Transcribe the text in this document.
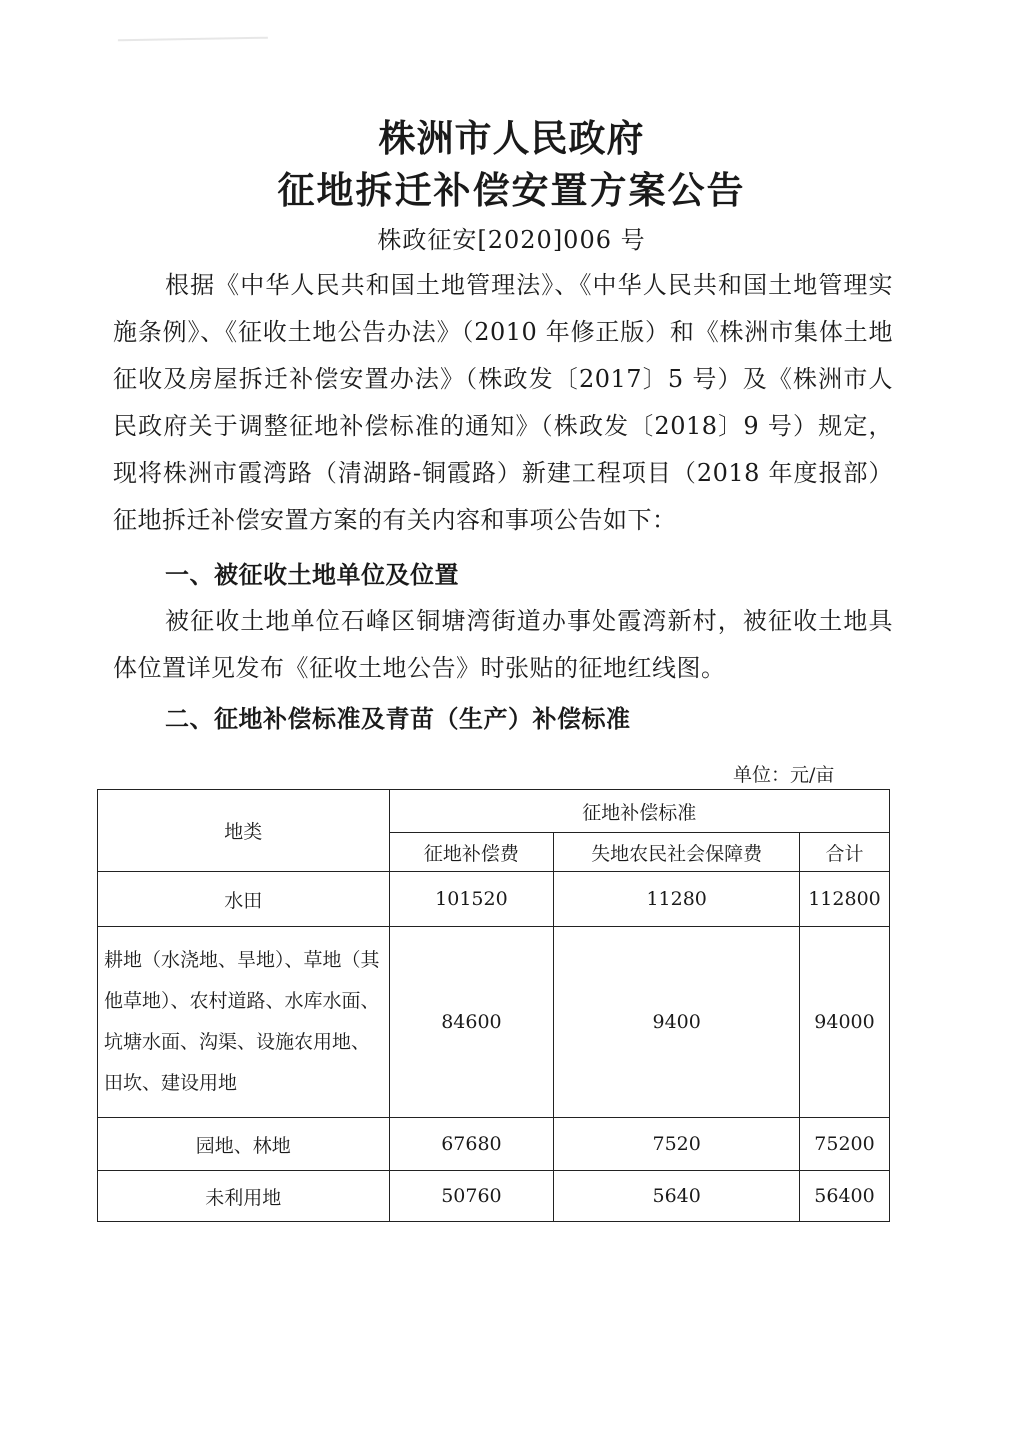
株洲市人民政府
征地拆迁补偿安置方案公告
株政征安[2020]006 号

根据《中华人民共和国土地管理法》、《中华人民共和国土地管理实施条例》、《征收土地公告办法》（2010 年修正版）和《株洲市集体土地征收及房屋拆迁补偿安置办法》（株政发〔2017〕5 号）及《株洲市人民政府关于调整征地补偿标准的通知》（株政发〔2018〕9 号）规定，现将株洲市霞湾路（清湖路-铜霞路）新建工程项目（2018 年度报部）征地拆迁补偿安置方案的有关内容和事项公告如下：

一、被征收土地单位及位置

被征收土地单位石峰区铜塘湾街道办事处霞湾新村，被征收土地具体位置详见发布《征收土地公告》时张贴的征地红线图。

二、征地补偿标准及青苗（生产）补偿标准

单位：元/亩
地类	征地补偿标准		
	征地补偿费	失地农民社会保障费	合计
水田	101520	11280	112800
耕地（水浇地、旱地）、草地（其他草地）、农村道路、水库水面、坑塘水面、沟渠、设施农用地、田坎、建设用地	84600	9400	94000
园地、林地	67680	7520	75200
未利用地	50760	5640	56400
